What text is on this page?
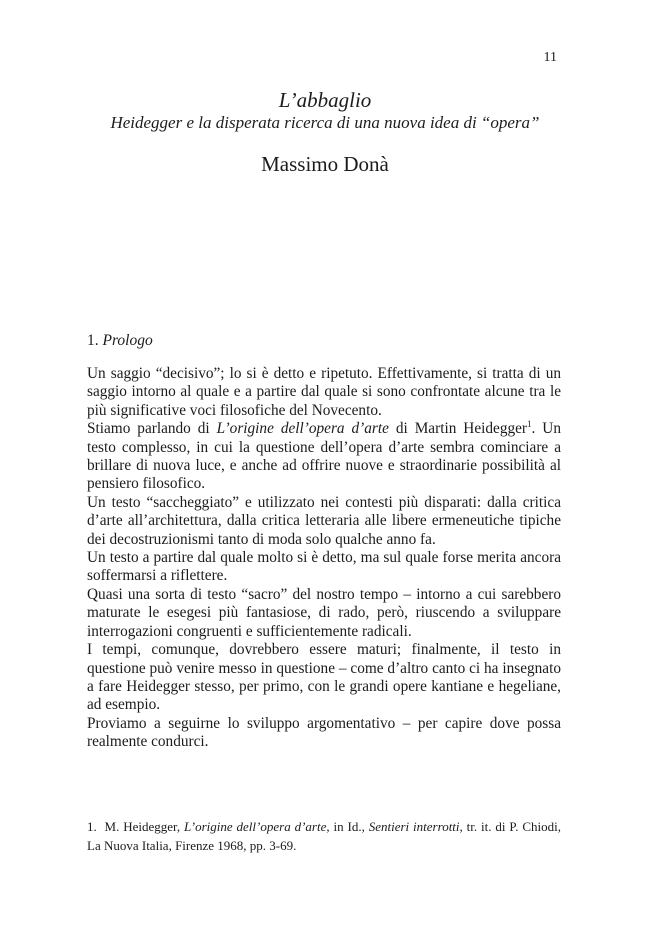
11
L’abbaglio
Heidegger e la disperata ricerca di una nuova idea di “opera”
Massimo Donà
1. Prologo

Un saggio “decisivo”; lo si è detto e ripetuto. Effettivamente, si tratta di un saggio intorno al quale e a partire dal quale si sono confrontate alcune tra le più significative voci filosofiche del Novecento.

Stiamo parlando di L’origine dell’opera d’arte di Martin Heidegger$^1$. Un testo complesso, in cui la questione dell’opera d’arte sembra cominciare a brillare di nuova luce, e anche ad offrire nuove e straordinarie possibilità al pensiero filosofico.

Un testo “saccheggiato” e utilizzato nei contesti più disparati: dalla critica d’arte all’architettura, dalla critica letteraria alle libere ermeneutiche tipiche dei decostruzionismi tanto di moda solo qualche anno fa.

Un testo a partire dal quale molto si è detto, ma sul quale forse merita ancora soffermarsi a riflettere.

Quasi una sorta di testo “sacro” del nostro tempo – intorno a cui sarebbero maturate le esegesi più fantasiose, di rado, però, riuscendo a sviluppare interrogazioni congruenti e sufficientemente radicali.

I tempi, comunque, dovrebbero essere maturi; finalmente, il testo in questione può venire messo in questione – come d’altro canto ci ha insegnato a fare Heidegger stesso, per primo, con le grandi opere kantiane e hegeliane, ad esempio.

Proviamo a seguirne lo sviluppo argomentativo – per capire dove possa realmente condurci.

1. M. Heidegger, L’origine dell’opera d’arte, in Id., Sentieri interrotti, tr. it. di P. Chiodi, La Nuova Italia, Firenze 1968, pp. 3-69.
